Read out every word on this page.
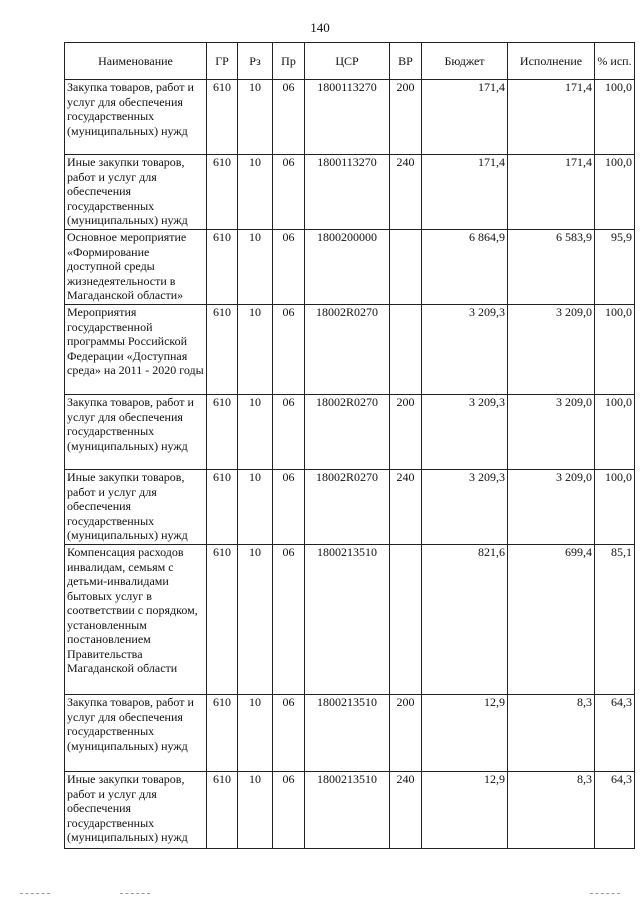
140
Наименование	ГР	Рз	Пр	ЦСР	ВР	Бюджет	Исполнение	% исп.
Закупка товаров, работ и услуг для обеспечения государственных (муниципальных) нужд	610	10	06	1800113270	200	171,4	171,4	100,0
Иные закупки товаров, работ и услуг для обеспечения государственных (муниципальных) нужд	610	10	06	1800113270	240	171,4	171,4	100,0
Основное мероприятие «Формирование доступной среды жизнедеятельности в Магаданской области»	610	10	06	1800200000		6 864,9	6 583,9	95,9
Мероприятия государственной программы Российской Федерации «Доступная среда» на 2011 - 2020 годы	610	10	06	18002R0270		3 209,3	3 209,0	100,0
Закупка товаров, работ и услуг для обеспечения государственных (муниципальных) нужд	610	10	06	18002R0270	200	3 209,3	3 209,0	100,0
Иные закупки товаров, работ и услуг для обеспечения государственных (муниципальных) нужд	610	10	06	18002R0270	240	3 209,3	3 209,0	100,0
Компенсация расходов инвалидам, семьям с детьми-инвалидами бытовых услуг в соответствии с порядком, установленным постановлением Правительства Магаданской области	610	10	06	1800213510		821,6	699,4	85,1
Закупка товаров, работ и услуг для обеспечения государственных (муниципальных) нужд	610	10	06	1800213510	200	12,9	8,3	64,3
Иные закупки товаров, работ и услуг для обеспечения государственных (муниципальных) нужд	610	10	06	1800213510	240	12,9	8,3	64,3
